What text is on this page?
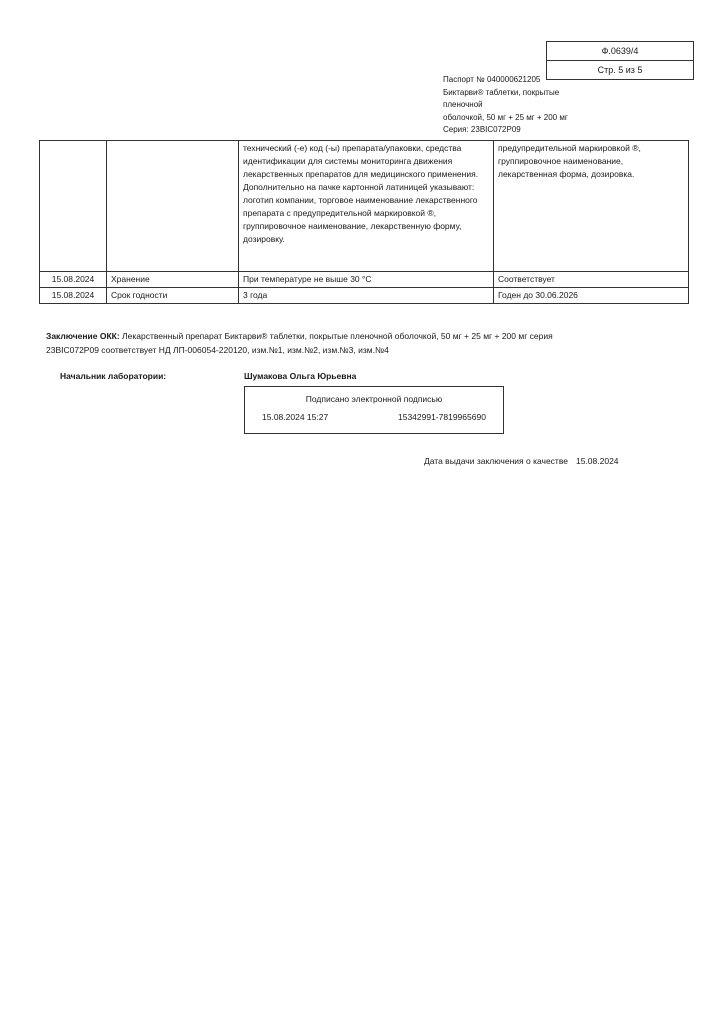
Ф.0639/4
Стр. 5 из 5
Паспорт № 040000621205
Биктарви® таблетки, покрытые пленочной
оболочкой, 50 мг + 25 мг + 200 мг
Серия: 23BIC072P09
		технический (-е) код (-ы) препарата/упаковки, средства идентификации для системы мониторинга движения лекарственных препаратов для медицинского применения. Дополнительно на пачке картонной латиницей указывают: логотип компании, торговое наименование лекарственного препарата с предупредительной маркировкой ®, группировочное наименование, лекарственную форму, дозировку.	предупредительной маркировкой ®, группировочное наименование, лекарственная форма, дозировка.
15.08.2024	Хранение	При температуре не выше 30 °С	Соответствует
15.08.2024	Срок годности	3 года	Годен до 30.06.2026
Заключение ОКК: Лекарственный препарат Биктарви® таблетки, покрытые пленочной оболочкой, 50 мг + 25 мг + 200 мг серия 23BIC072P09 соответствует НД ЛП-006054-220120, изм.№1, изм.№2, изм.№3, изм.№4
Начальник лаборатории:	Шумакова Ольга Юрьевна
Подписано электронной подписью
15.08.2024 15:27	15342991-7819965690
Дата выдачи заключения о качестве 15.08.2024
